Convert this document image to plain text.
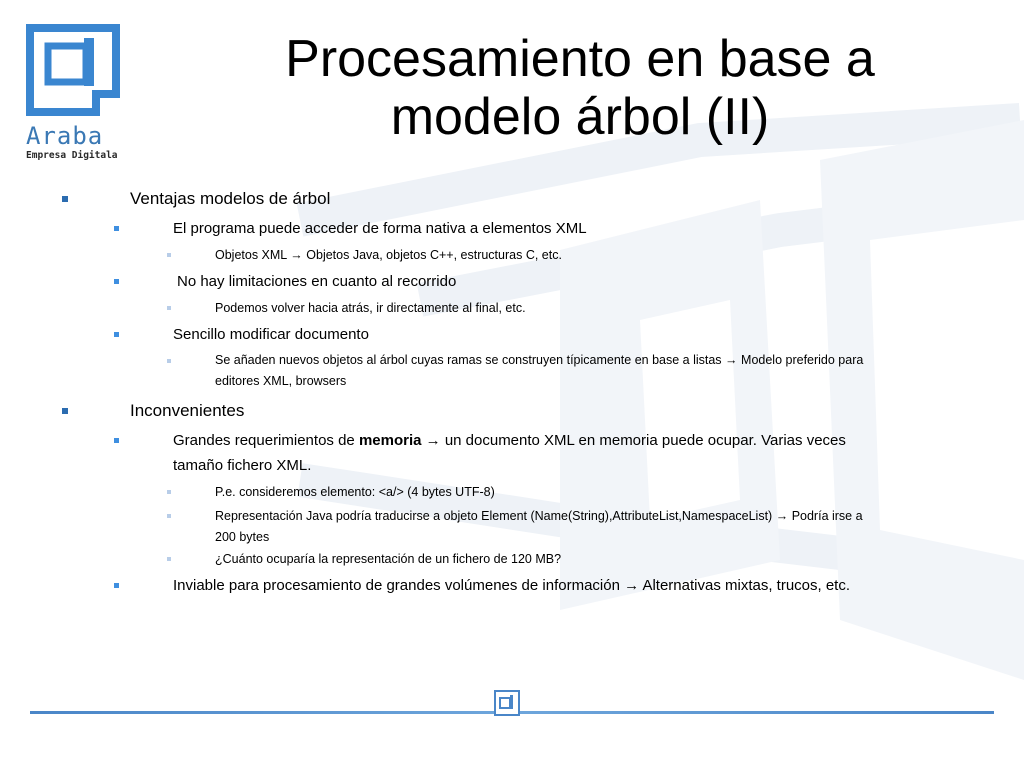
Araba
Empresa Digitala
Procesamiento en base a
modelo árbol (II)
Ventajas modelos de árbol
El programa puede acceder de forma nativa a elementos XML
Objetos XML → Objetos Java, objetos C++, estructuras C, etc.
No hay limitaciones en cuanto al recorrido
Podemos volver hacia atrás, ir directamente al final, etc.
Sencillo modificar documento
Se añaden nuevos objetos al árbol cuyas ramas se construyen típicamente en base a listas → Modelo preferido para
editores XML, browsers
Inconvenientes
Grandes requerimientos de memoria → un documento XML en memoria puede ocupar. Varias veces
tamaño fichero XML.
P.e. consideremos elemento: <a/> (4 bytes UTF-8)
Representación Java podría traducirse a objeto Element (Name(String),AttributeList,NamespaceList) → Podría irse a
200 bytes
¿Cuánto ocuparía la representación de un fichero de 120 MB?
Inviable para procesamiento de grandes volúmenes de información → Alternativas mixtas, trucos, etc.
